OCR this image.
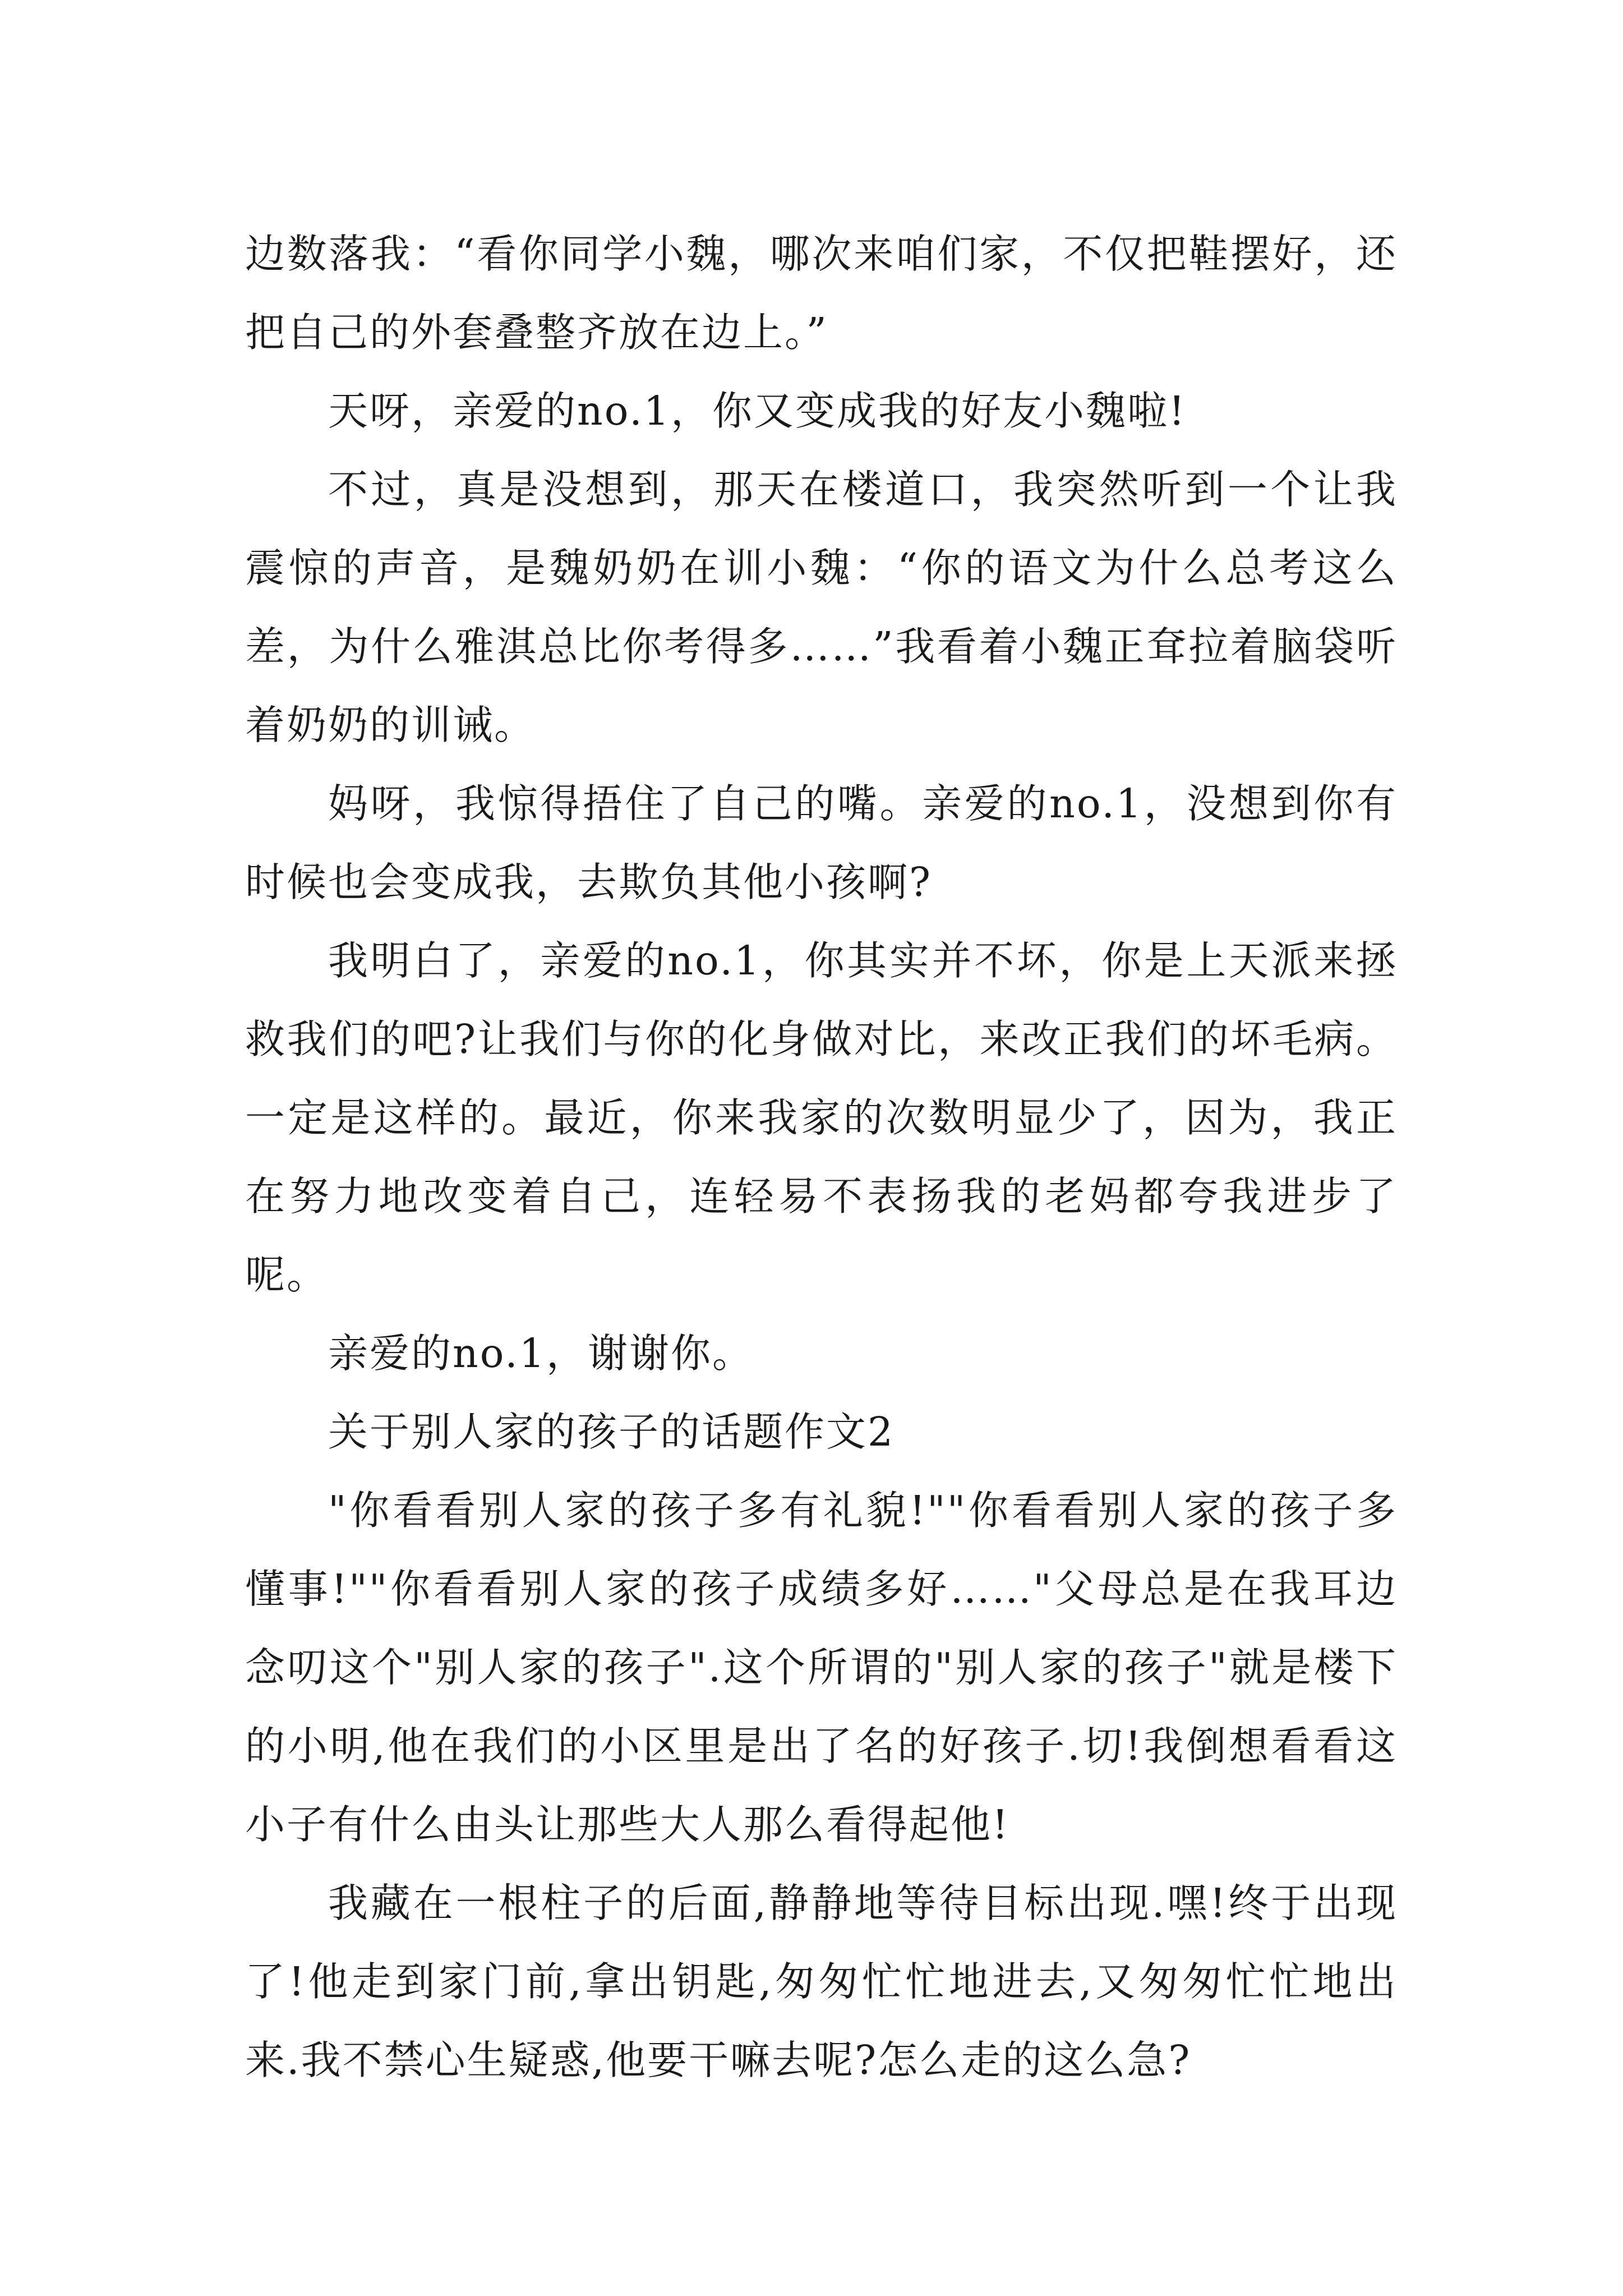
边数落我：“看你同学小魏，哪次来咱们家，不仅把鞋摆好，还把自己的外套叠整齐放在边上。”

天呀，亲爱的no.1，你又变成我的好友小魏啦!

不过，真是没想到，那天在楼道口，我突然听到一个让我震惊的声音，是魏奶奶在训小魏：“你的语文为什么总考这么差，为什么雅淇总比你考得多……”我看着小魏正耷拉着脑袋听着奶奶的训诫。

妈呀，我惊得捂住了自己的嘴。亲爱的no.1，没想到你有时候也会变成我，去欺负其他小孩啊?

我明白了，亲爱的no.1，你其实并不坏，你是上天派来拯救我们的吧?让我们与你的化身做对比，来改正我们的坏毛病。一定是这样的。最近，你来我家的次数明显少了，因为，我正在努力地改变着自己，连轻易不表扬我的老妈都夸我进步了呢。

亲爱的no.1，谢谢你。

关于别人家的孩子的话题作文2

"你看看别人家的孩子多有礼貌!""你看看别人家的孩子多懂事!""你看看别人家的孩子成绩多好……"父母总是在我耳边念叨这个"别人家的孩子".这个所谓的"别人家的孩子"就是楼下的小明,他在我们的小区里是出了名的好孩子.切!我倒想看看这小子有什么由头让那些大人那么看得起他!

我藏在一根柱子的后面,静静地等待目标出现.嘿!终于出现了!他走到家门前,拿出钥匙,匆匆忙忙地进去,又匆匆忙忙地出来.我不禁心生疑惑,他要干嘛去呢?怎么走的这么急?
